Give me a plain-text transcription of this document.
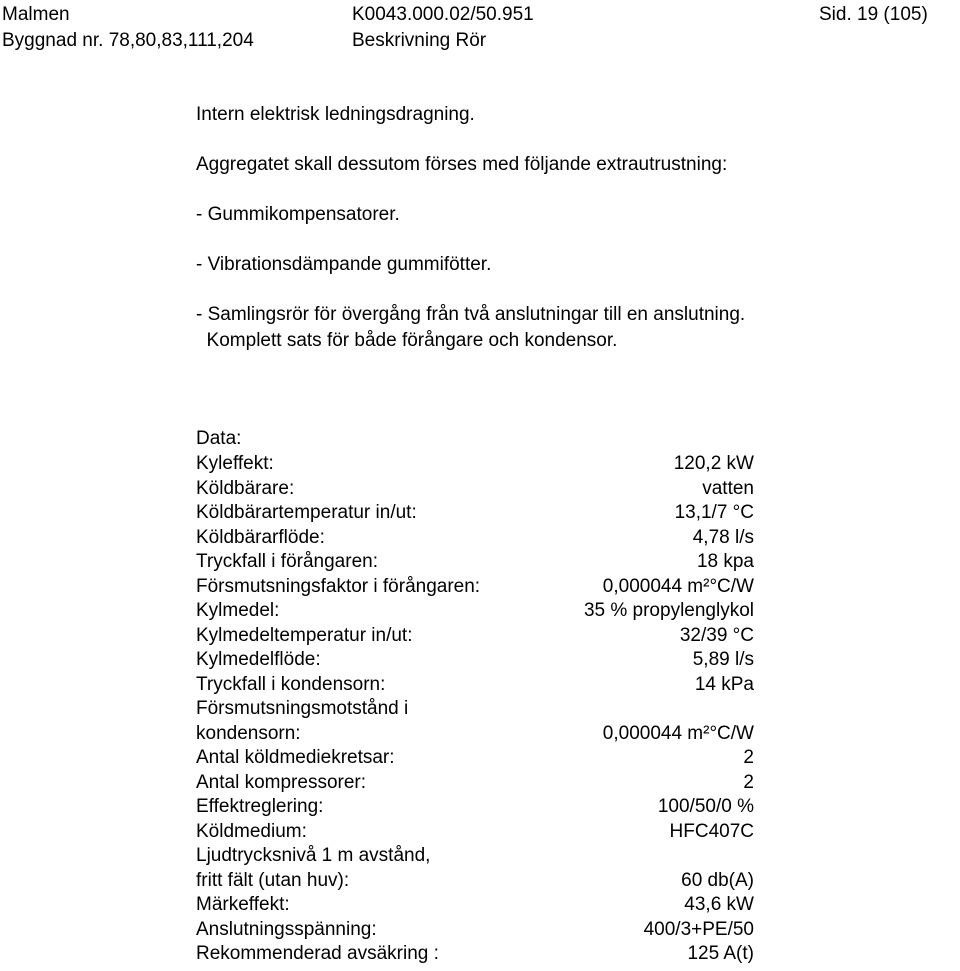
Malmen
Byggnad nr. 78,80,83,111,204
K0043.000.02/50.951
Beskrivning Rör
Sid. 19 (105)
Intern elektrisk ledningsdragning.
Aggregatet skall dessutom förses med följande extrautrustning:
- Gummikompensatorer.
- Vibrationsdämpande gummifötter.
- Samlingsrör för övergång från två anslutningar till en anslutning.
Komplett sats för både förångare och kondensor.
Data:
Kyleffekt:	120,2 kW
Köldbärare:	vatten
Köldbärartemperatur in/ut:	13,1/7 °C
Köldbärarflöde:	4,78 l/s
Tryckfall i förångaren:	18 kpa
Försmutsningsfaktor i förångaren:	0,000044 m²°C/W
Kylmedel:	35 % propylenglykol
Kylmedeltemperatur in/ut:	32/39 °C
Kylmedelflöde:	5,89 l/s
Tryckfall i kondensorn:	14 kPa
Försmutsningsmotstånd i
kondensorn:	0,000044 m²°C/W
Antal köldmediekretsar:	2
Antal kompressorer:	2
Effektreglering:	100/50/0 %
Köldmedium:	HFC407C
Ljudtrycksnivå 1 m avstånd,
fritt fält (utan huv):	60 db(A)
Märkeffekt:	43,6 kW
Anslutningsspänning:	400/3+PE/50
Rekommenderad avsäkring :	125 A(t)
